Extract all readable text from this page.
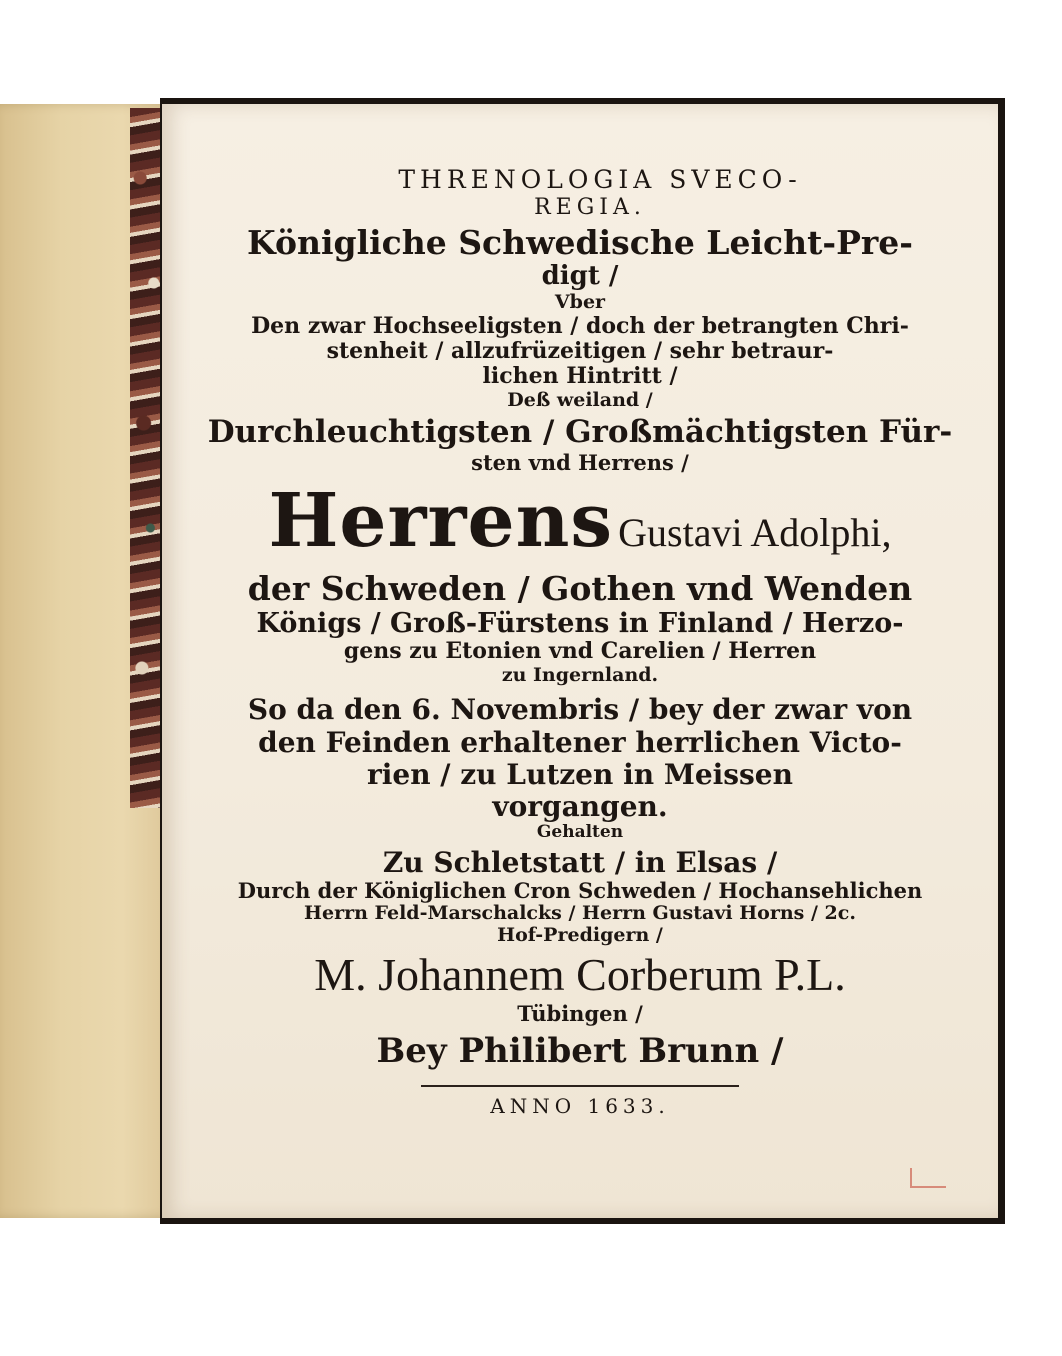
THRENOLOGIA SVECO-
REGIA.
Königliche Schwedische Leicht-Pre-
digt /
Vber
Den zwar Hochseeligsten / doch der betrangten Chri-
stenheit / allzufrüzeitigen / sehr betraur-
lichen Hintritt /
Deß weiland /
Durchleuchtigsten / Großmächtigsten Für-
sten vnd Herrens /
Herrens Gustavi Adolphi,
der Schweden / Gothen vnd Wenden
Königs / Groß-Fürstens in Finland / Herzo-
gens zu Etonien vnd Carelien / Herren
zu Ingernland.
So da den 6. Novembris / bey der zwar von
den Feinden erhaltener herrlichen Victo-
rien / zu Lutzen in Meissen
vorgangen.
Gehalten
Zu Schletstatt / in Elsas /
Durch der Königlichen Cron Schweden / Hochansehlichen
Herrn Feld-Marschalcks / Herrn Gustavi Horns / 2c.
Hof-Predigern /
M. Johannem Corberum P.L.
Tübingen /
Bey Philibert Brunn /
ANNO 1633.
